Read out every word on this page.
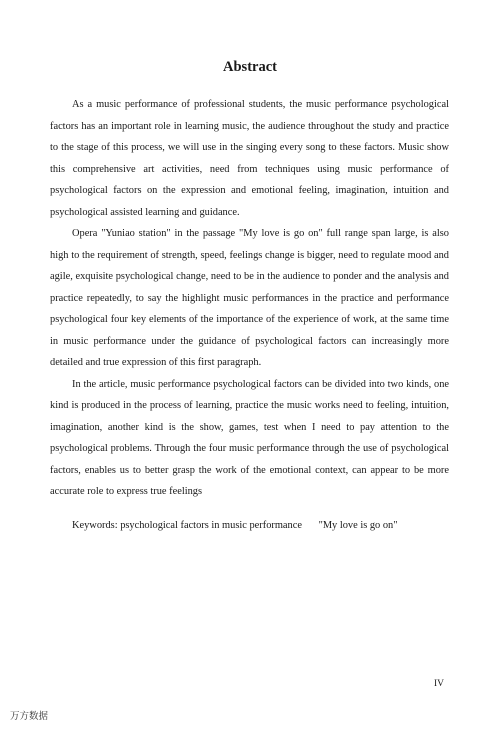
Abstract

As a music performance of professional students, the music performance psychological factors has an important role in learning music, the audience throughout the study and practice to the stage of this process, we will use in the singing every song to these factors. Music show this comprehensive art activities, need from techniques using music performance of psychological factors on the expression and emotional feeling, imagination, intuition and psychological assisted learning and guidance.

Opera "Yuniao station" in the passage "My love is go on" full range span large, is also high to the requirement of strength, speed, feelings change is bigger, need to regulate mood and agile, exquisite psychological change, need to be in the audience to ponder and the analysis and practice repeatedly, to say the highlight music performances in the practice and performance psychological four key elements of the importance of the experience of work, at the same time in music performance under the guidance of psychological factors can increasingly more detailed and true expression of this first paragraph.

In the article, music performance psychological factors can be divided into two kinds, one kind is produced in the process of learning, practice the music works need to feeling, intuition, imagination, another kind is the show, games, test when I need to pay attention to the psychological problems. Through the four music performance through the use of psychological factors, enables us to better grasp the work of the emotional context, can appear to be more accurate role to express true feelings

Keywords: psychological factors in music performance "My love is go on"
IV
万方数据
